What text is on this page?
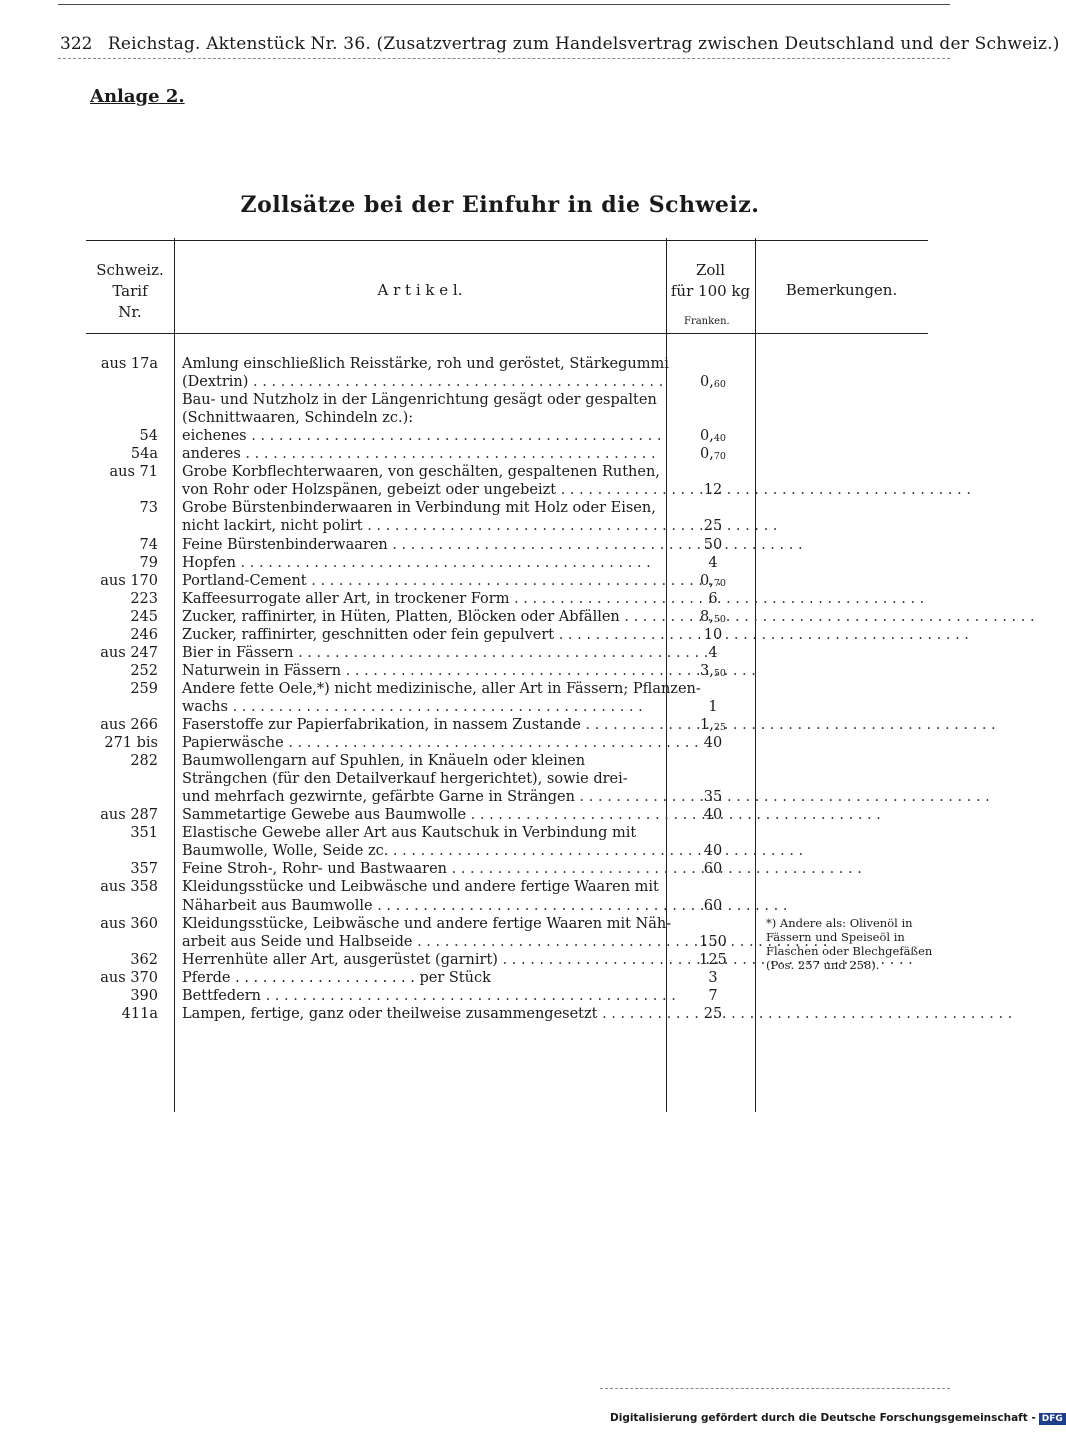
322 Reichstag. Aktenstück Nr. 36. (Zusatzvertrag zum Handelsvertrag zwischen Deutschland und der Schweiz.)
Anlage 2.
Zollsätze bei der Einfuhr in die Schweiz.
Schweiz.
Tarif
Nr.
A r t i k e l.
Zoll
für 100 kg
Franken.
Bemerkungen.
aus 17a Amlung einschließlich Reisstärke, roh und geröstet, Stärkegummi
(Dextrin) . . .	$0,_{60}$
Bau- und Nutzholz in der Längenrichtung gesägt oder gespalten
(Schnittwaaren, Schindeln zc.):
54 eichenes . . .	$0,_{40}$
54a anderes . . .	$0,_{70}$
aus 71 Grobe Korbflechterwaaren, von geschälten, gespaltenen Ruthen,
von Rohr oder Holzspänen, gebeizt oder ungebeizt . . .	12
73 Grobe Bürstenbinderwaaren in Verbindung mit Holz oder Eisen,
nicht lackirt, nicht polirt . . .	25
74 Feine Bürstenbinderwaaren . . .	50
79 Hopfen . . .	4
aus 170 Portland-Cement . . .	$0,_{70}$
223 Kaffeesurrogate aller Art, in trockener Form . . .	6
245 Zucker, raffinirter, in Hüten, Platten, Blöcken oder Abfällen . . .	$8,_{50}$
246 Zucker, raffinirter, geschnitten oder fein gepulvert . . .	10
aus 247 Bier in Fässern . . .	4
252 Naturwein in Fässern . . .	$3,_{50}$
259 Andere fette Oele,*) nicht medizinische, aller Art in Fässern; Pflanzen-
wachs . . .	1
aus 266 Faserstoffe zur Papierfabrikation, in nassem Zustande . . .	$1,_{25}$
271 bis Papierwäsche . . .	40
282 Baumwollengarn auf Spuhlen, in Knäueln oder kleinen
Strängchen (für den Detailverkauf hergerichtet), sowie drei-
und mehrfach gezwirnte, gefärbte Garne in Strängen . . .	35
aus 287 Sammetartige Gewebe aus Baumwolle . . .	40
351 Elastische Gewebe aller Art aus Kautschuk in Verbindung mit
Baumwolle, Wolle, Seide zc. . . .	40
357 Feine Stroh-, Rohr- und Bastwaaren . . .	60
aus 358 Kleidungsstücke und Leibwäsche und andere fertige Waaren mit
Näharbeit aus Baumwolle . . .	60
aus 360 Kleidungsstücke, Leibwäsche und andere fertige Waaren mit Näh-
arbeit aus Seide und Halbseide . . .	150
362 Herrenhüte aller Art, ausgerüstet (garnirt) . . .	125
aus 370 Pferde . . . . . . . . . . . . . . . . . . . . per Stück	3
390 Bettfedern . . .	7
411a Lampen, fertige, ganz oder theilweise zusammengesetzt . . .	25
*) Andere als: Olivenöl in Fässern und Speiseöl in Flaschen oder Blechgefäßen (Pos. 257 und 258).
Digitalisierung gefördert durch die Deutsche Forschungsgemeinschaft - DFG
